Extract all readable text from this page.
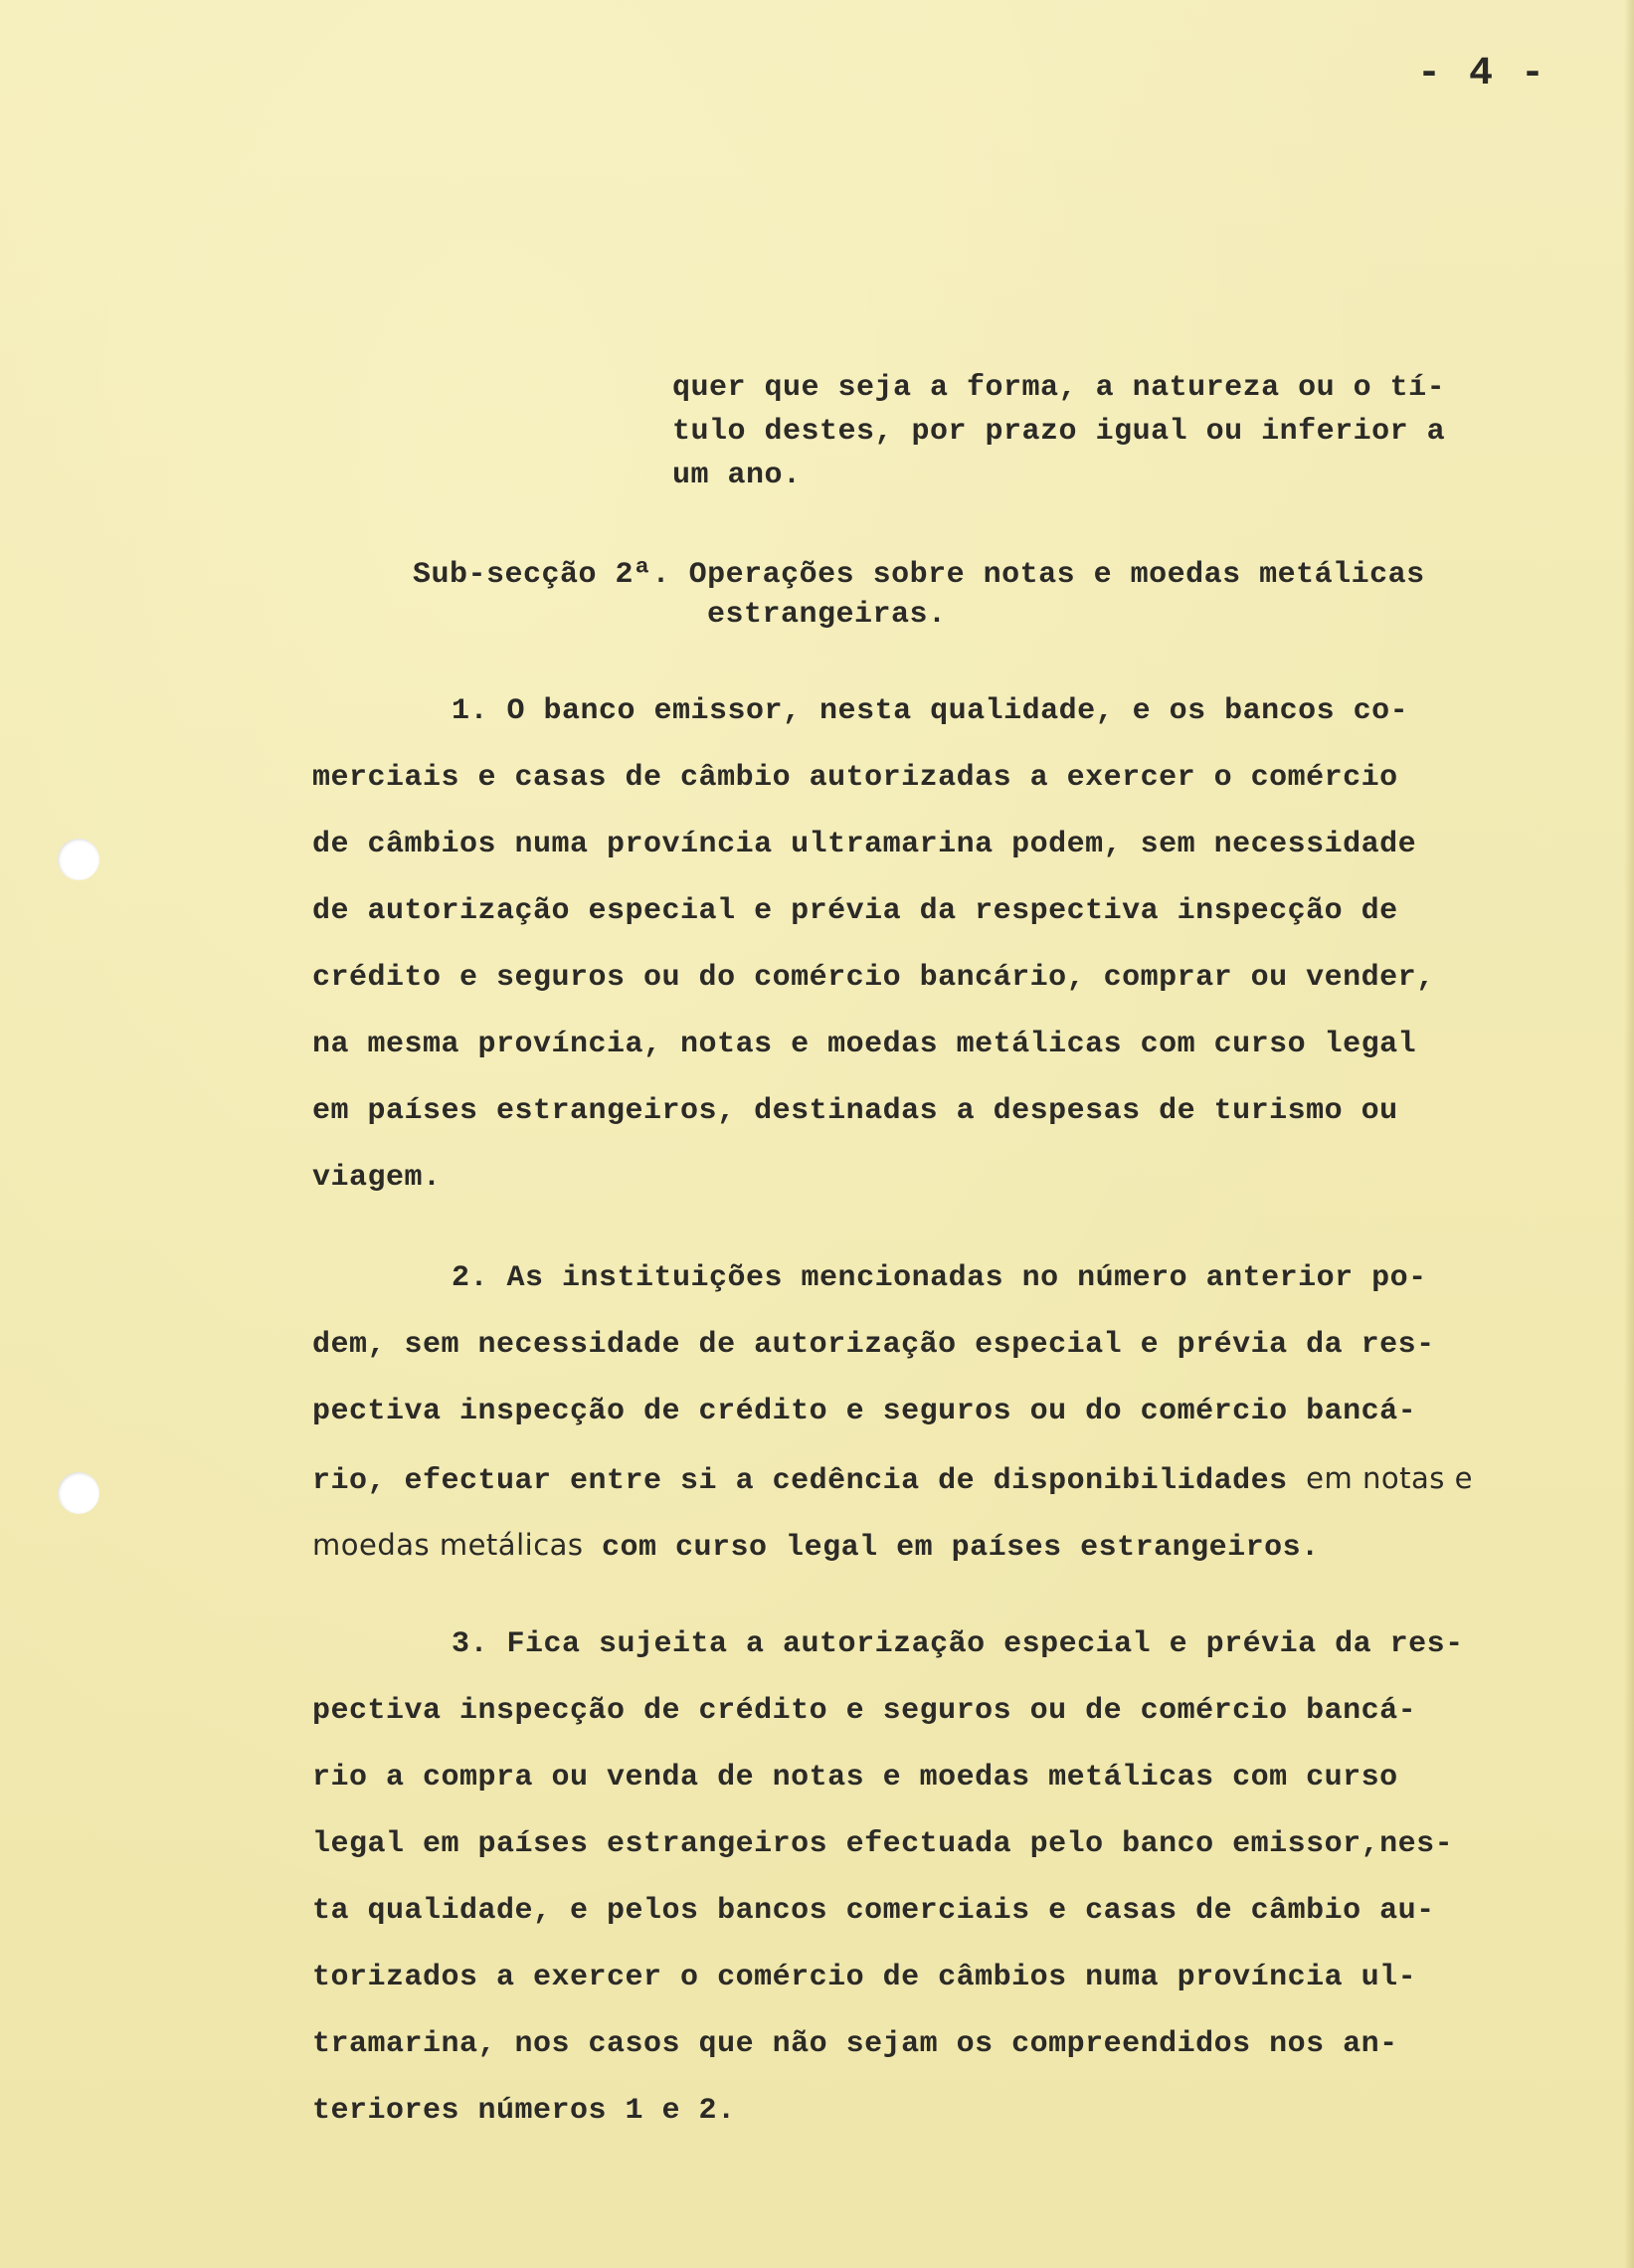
- 4 -
quer que seja a forma, a natureza ou o tí-
tulo destes, por prazo igual ou inferior a
um ano.
Sub-secção 2ª. Operações sobre notas e moedas metálicas
estrangeiras.
1. O banco emissor, nesta qualidade, e os bancos co-
merciais e casas de câmbio autorizadas a exercer o comércio
de câmbios numa província ultramarina podem, sem necessidade
de autorização especial e prévia da respectiva inspecção de
crédito e seguros ou do comércio bancário, comprar ou vender,
na mesma província, notas e moedas metálicas com curso legal
em países estrangeiros, destinadas a despesas de turismo ou
viagem.
2. As instituições mencionadas no número anterior po-
dem, sem necessidade de autorização especial e prévia da res-
pectiva inspecção de crédito e seguros ou do comércio bancá-
rio, efectuar entre si a cedência de disponibilidades em notas e
moedas metálicas com curso legal em países estrangeiros.
3. Fica sujeita a autorização especial e prévia da res-
pectiva inspecção de crédito e seguros ou de comércio bancá-
rio a compra ou venda de notas e moedas metálicas com curso
legal em países estrangeiros efectuada pelo banco emissor,nes-
ta qualidade, e pelos bancos comerciais e casas de câmbio au-
torizados a exercer o comércio de câmbios numa província ul-
tramarina, nos casos que não sejam os compreendidos nos an-
teriores números 1 e 2.
